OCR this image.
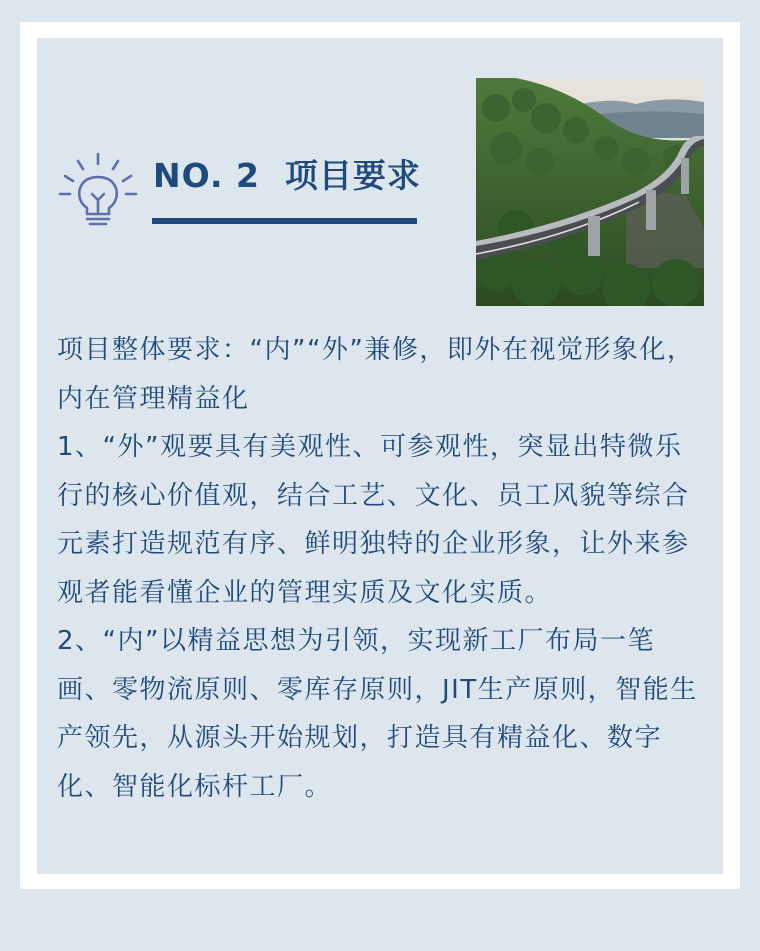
NO. 2 项目要求

项目整体要求：“内”“外”兼修，即外在视觉形象化，内在管理精益化

1、“外”观要具有美观性、可参观性，突显出特微乐行的核心价值观，结合工艺、文化、员工风貌等综合元素打造规范有序、鲜明独特的企业形象，让外来参观者能看懂企业的管理实质及文化实质。

2、“内”以精益思想为引领，实现新工厂布局一笔画、零物流原则、零库存原则，JIT生产原则，智能生产领先，从源头开始规划，打造具有精益化、数字化、智能化标杆工厂。
